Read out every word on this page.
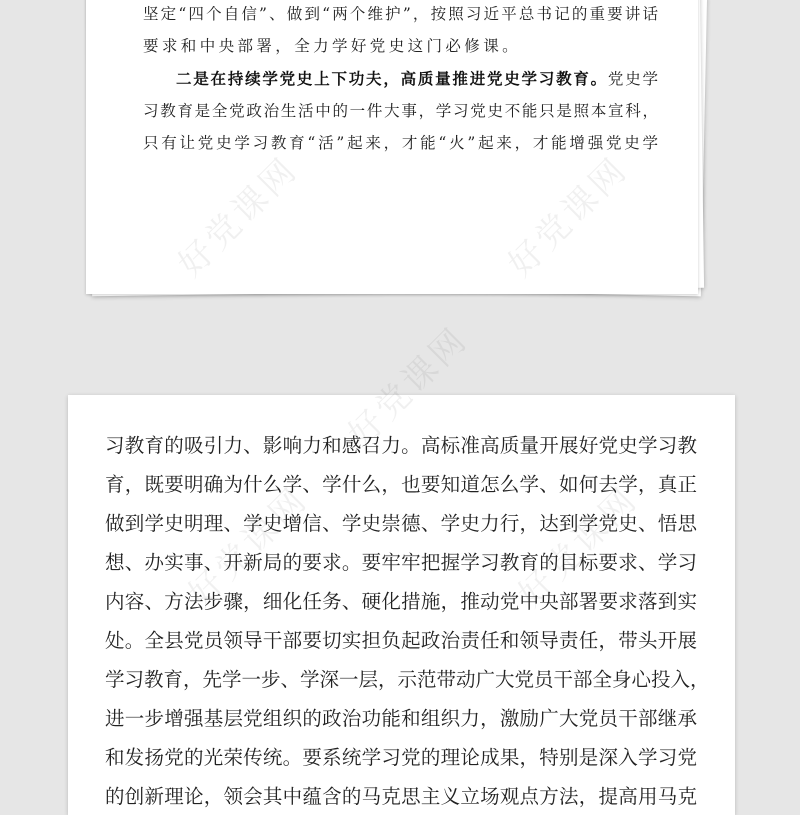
坚定“四个自信”、做到“两个维护”，按照习近平总书记的重要讲话
要求和中央部署，全力学好党史这门必修课。
二是在持续学党史上下功夫，高质量推进党史学习教育。党史学
习教育是全党政治生活中的一件大事，学习党史不能只是照本宣科，
只有让党史学习教育“活”起来，才能“火”起来，才能增强党史学
习教育的吸引力、影响力和感召力。高标准高质量开展好党史学习教
育，既要明确为什么学、学什么，也要知道怎么学、如何去学，真正
做到学史明理、学史增信、学史崇德、学史力行，达到学党史、悟思
想、办实事、开新局的要求。要牢牢把握学习教育的目标要求、学习
内容、方法步骤，细化任务、硬化措施，推动党中央部署要求落到实
处。全县党员领导干部要切实担负起政治责任和领导责任，带头开展
学习教育，先学一步、学深一层，示范带动广大党员干部全身心投入，
进一步增强基层党组织的政治功能和组织力，激励广大党员干部继承
和发扬党的光荣传统。要系统学习党的理论成果，特别是深入学习党
的创新理论，领会其中蕴含的马克思主义立场观点方法，提高用马克
好党课网
